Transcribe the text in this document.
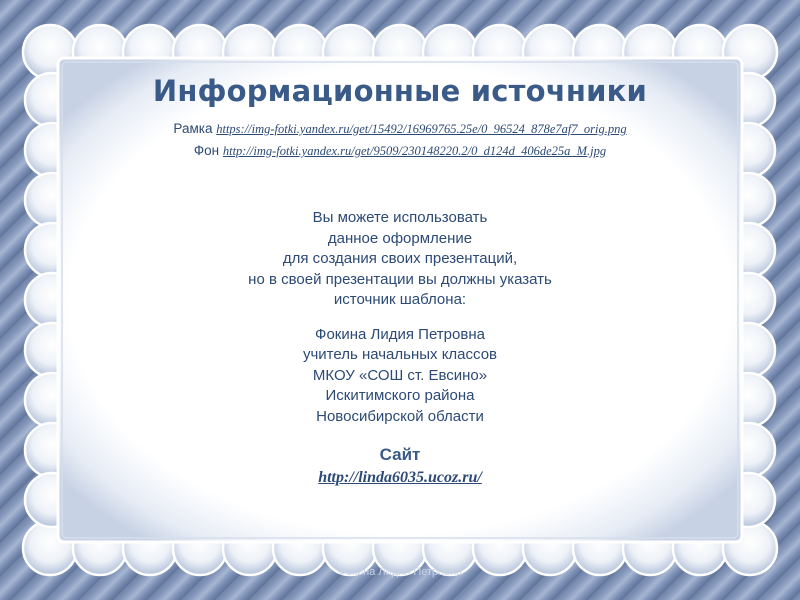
Информационные источники
Рамка https://img-fotki.yandex.ru/get/15492/16969765.25e/0_96524_878e7af7_orig.png
Фон http://img-fotki.yandex.ru/get/9509/230148220.2/0_d124d_406de25a_M.jpg
Вы можете использовать
данное оформление
для создания своих презентаций,
но в своей презентации вы должны указать
источник шаблона:
Фокина Лидия Петровна
учитель начальных классов
МКОУ «СОШ ст. Евсино»
Искитимского района
Новосибирской области
Сайт
http://linda6035.ucoz.ru/
Фокина Лидия Петровна
